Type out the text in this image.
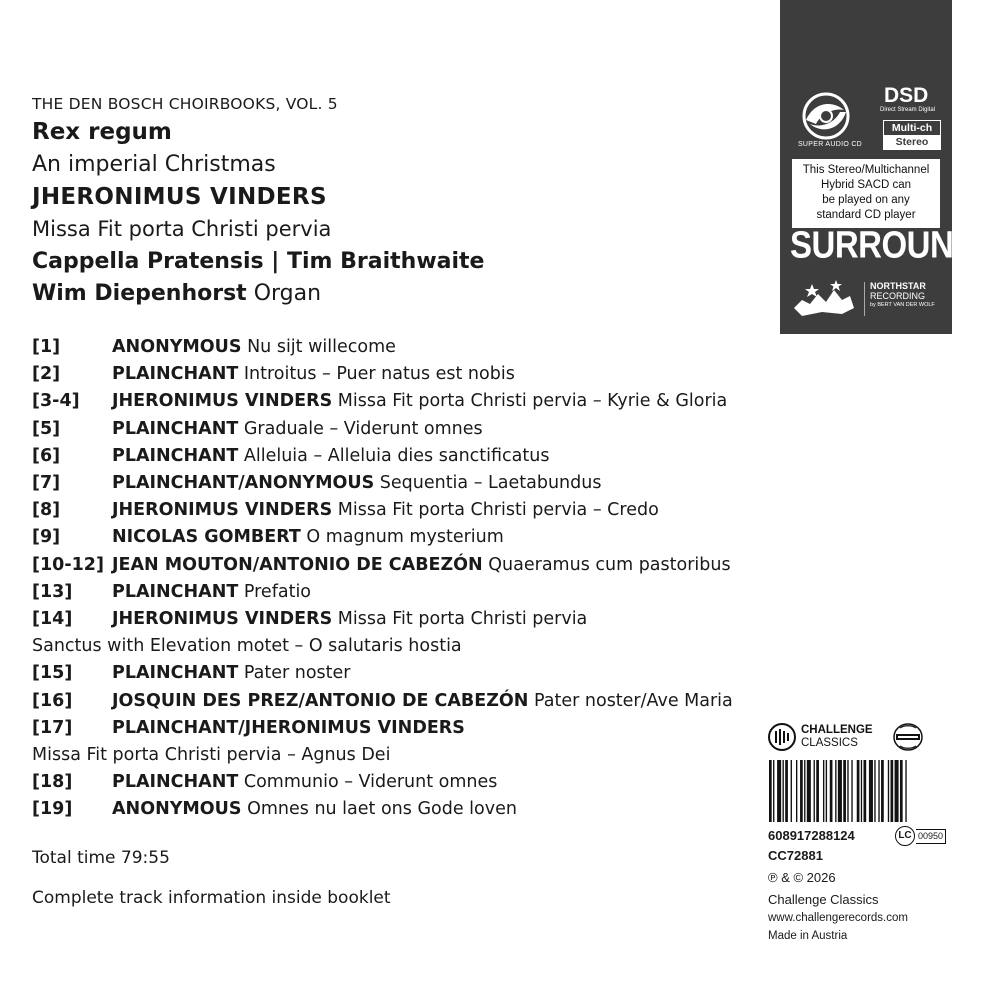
THE DEN BOSCH CHOIRBOOKS, VOL. 5
Rex regum
An imperial Christmas
JHERONIMUS VINDERS
Missa Fit porta Christi pervia
Cappella Pratensis | Tim Braithwaite
Wim Diepenhorst Organ
[1]	ANONYMOUS Nu sijt willecome
[2]	PLAINCHANT Introitus – Puer natus est nobis
[3-4] JHERONIMUS VINDERS Missa Fit porta Christi pervia – Kyrie & Gloria
[5]	PLAINCHANT Graduale – Viderunt omnes
[6]	PLAINCHANT Alleluia – Alleluia dies sanctificatus
[7]	PLAINCHANT/ANONYMOUS Sequentia – Laetabundus
[8]	JHERONIMUS VINDERS Missa Fit porta Christi pervia – Credo
[9]	NICOLAS GOMBERT O magnum mysterium
[10-12] JEAN MOUTON/ANTONIO DE CABEZÓN Quaeramus cum pastoribus
[13] PLAINCHANT Prefatio
[14] JHERONIMUS VINDERS Missa Fit porta Christi pervia
Sanctus with Elevation motet – O salutaris hostia
[15] PLAINCHANT Pater noster
[16] JOSQUIN DES PREZ/ANTONIO DE CABEZÓN Pater noster/Ave Maria
[17] PLAINCHANT/JHERONIMUS VINDERS
Missa Fit porta Christi pervia – Agnus Dei
[18] PLAINCHANT Communio – Viderunt omnes
[19] ANONYMOUS Omnes nu laet ons Gode loven
Total time 79:55
Complete track information inside booklet
SUPER AUDIO CD
DSD
Direct Stream Digital
Multi-ch
Stereo
This Stereo/Multichannel
Hybrid SACD can
be played on any
standard CD player
SURROUND
NORTHSTAR
RECORDING
by BERT VAN DER WOLF
CHALLENGE
CLASSICS
608917288124	LC 00950
CC72881
℗ & © 2026
Challenge Classics
www.challengerecords.com
Made in Austria
